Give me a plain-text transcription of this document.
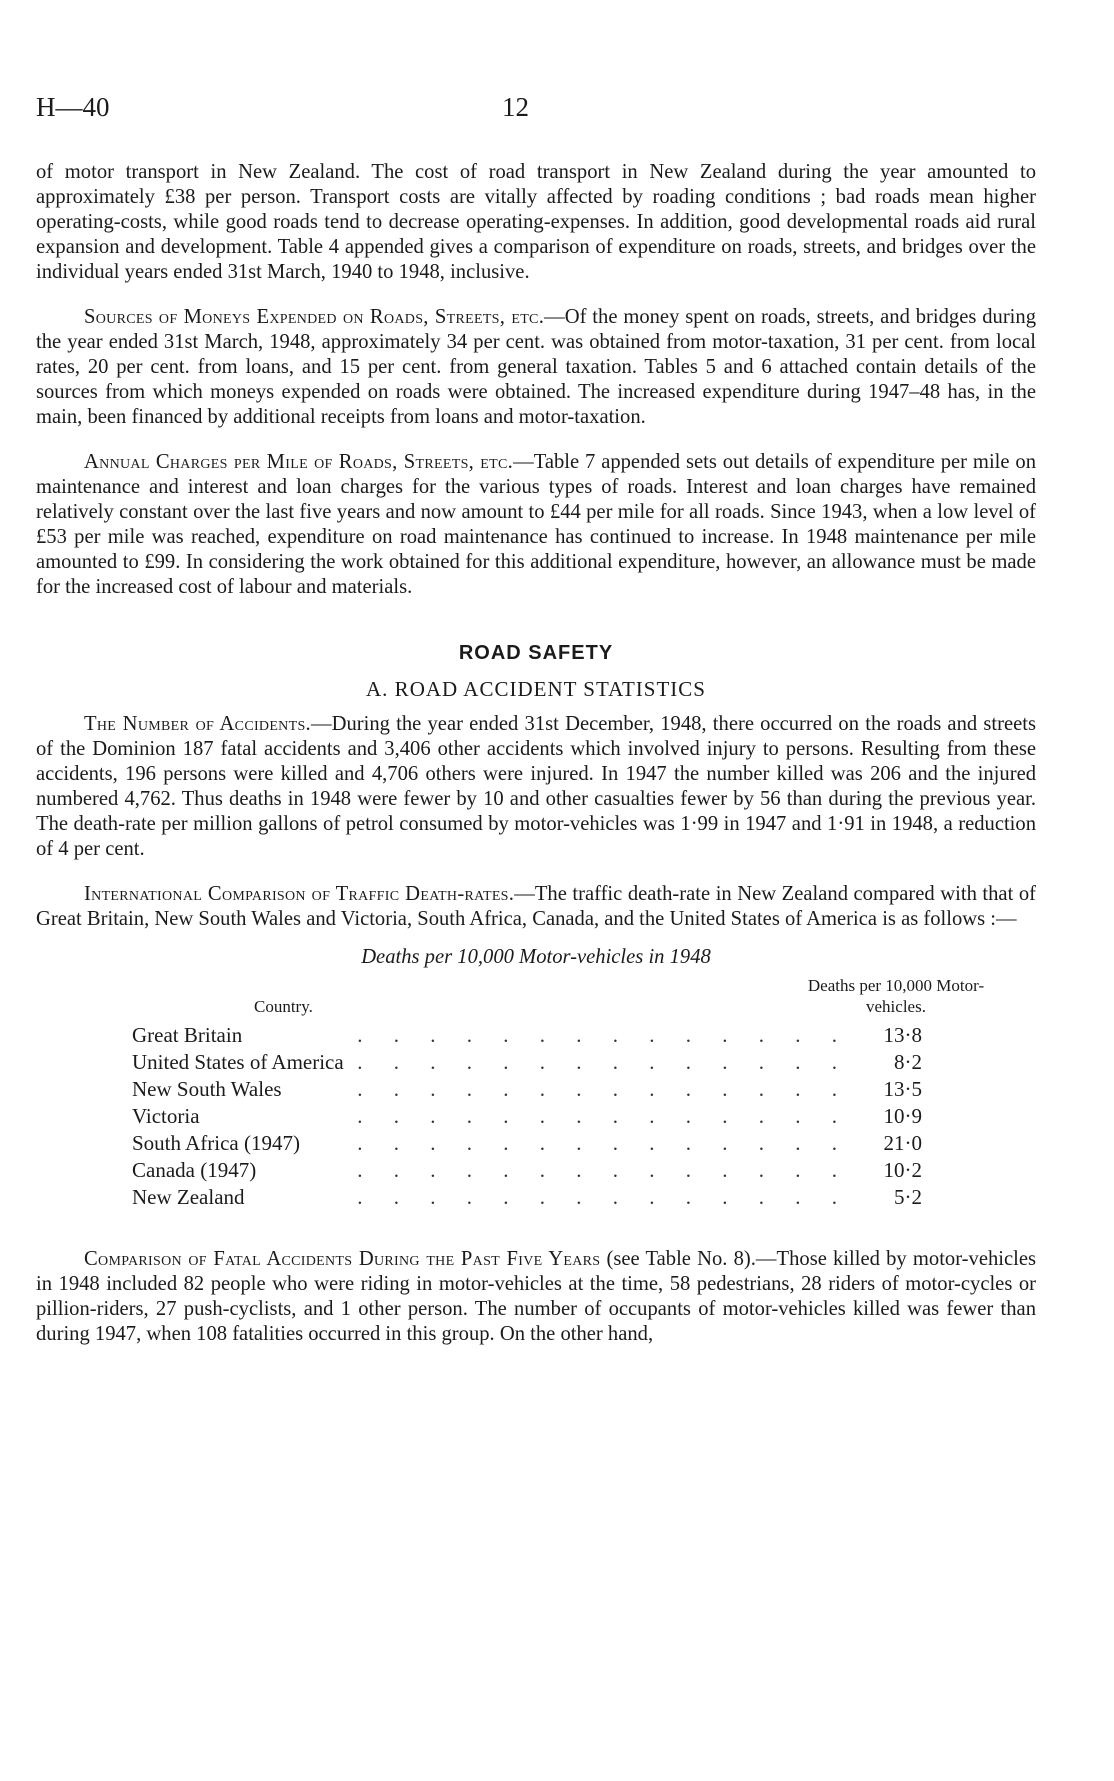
H—40	12

of motor transport in New Zealand. The cost of road transport in New Zealand during the year amounted to approximately £38 per person. Transport costs are vitally affected by roading conditions ; bad roads mean higher operating-costs, while good roads tend to decrease operating-expenses. In addition, good developmental roads aid rural expansion and development. Table 4 appended gives a comparison of expenditure on roads, streets, and bridges over the individual years ended 31st March, 1940 to 1948, inclusive.

Sources of Moneys Expended on Roads, Streets, etc.—Of the money spent on roads, streets, and bridges during the year ended 31st March, 1948, approximately 34 per cent. was obtained from motor-taxation, 31 per cent. from local rates, 20 per cent. from loans, and 15 per cent. from general taxation. Tables 5 and 6 attached contain details of the sources from which moneys expended on roads were obtained. The increased expenditure during 1947–48 has, in the main, been financed by additional receipts from loans and motor-taxation.

Annual Charges per Mile of Roads, Streets, etc.—Table 7 appended sets out details of expenditure per mile on maintenance and interest and loan charges for the various types of roads. Interest and loan charges have remained relatively constant over the last five years and now amount to £44 per mile for all roads. Since 1943, when a low level of £53 per mile was reached, expenditure on road maintenance has continued to increase. In 1948 maintenance per mile amounted to £99. In considering the work obtained for this additional expenditure, however, an allowance must be made for the increased cost of labour and materials.

ROAD SAFETY
A. ROAD ACCIDENT STATISTICS

The Number of Accidents.—During the year ended 31st December, 1948, there occurred on the roads and streets of the Dominion 187 fatal accidents and 3,406 other accidents which involved injury to persons. Resulting from these accidents, 196 persons were killed and 4,706 others were injured. In 1947 the number killed was 206 and the injured numbered 4,762. Thus deaths in 1948 were fewer by 10 and other casualties fewer by 56 than during the previous year. The death-rate per million gallons of petrol consumed by motor-vehicles was 1·99 in 1947 and 1·91 in 1948, a reduction of 4 per cent.

International Comparison of Traffic Death-rates.—The traffic death-rate in New Zealand compared with that of Great Britain, New South Wales and Victoria, South Africa, Canada, and the United States of America is as follows :—

Deaths per 10,000 Motor-vehicles in 1948
Country.
Deaths per 10,000 Motor-vehicles.
. . . . . . . . . . . . . .
Great Britain	13·8
. . . . . . . . . . . . . .
United States of America	8·2
. . . . . . . . . . . . . .
New South Wales	13·5
. . . . . . . . . . . . . .
Victoria	10·9
. . . . . . . . . . . . . .
South Africa (1947)	21·0
. . . . . . . . . . . . . .
Canada (1947)	10·2
. . . . . . . . . . . . . .
New Zealand	5·2

Comparison of Fatal Accidents During the Past Five Years (see Table No. 8).—Those killed by motor-vehicles in 1948 included 82 people who were riding in motor-vehicles at the time, 58 pedestrians, 28 riders of motor-cycles or pillion-riders, 27 push-cyclists, and 1 other person. The number of occupants of motor-vehicles killed was fewer than during 1947, when 108 fatalities occurred in this group. On the other hand,
